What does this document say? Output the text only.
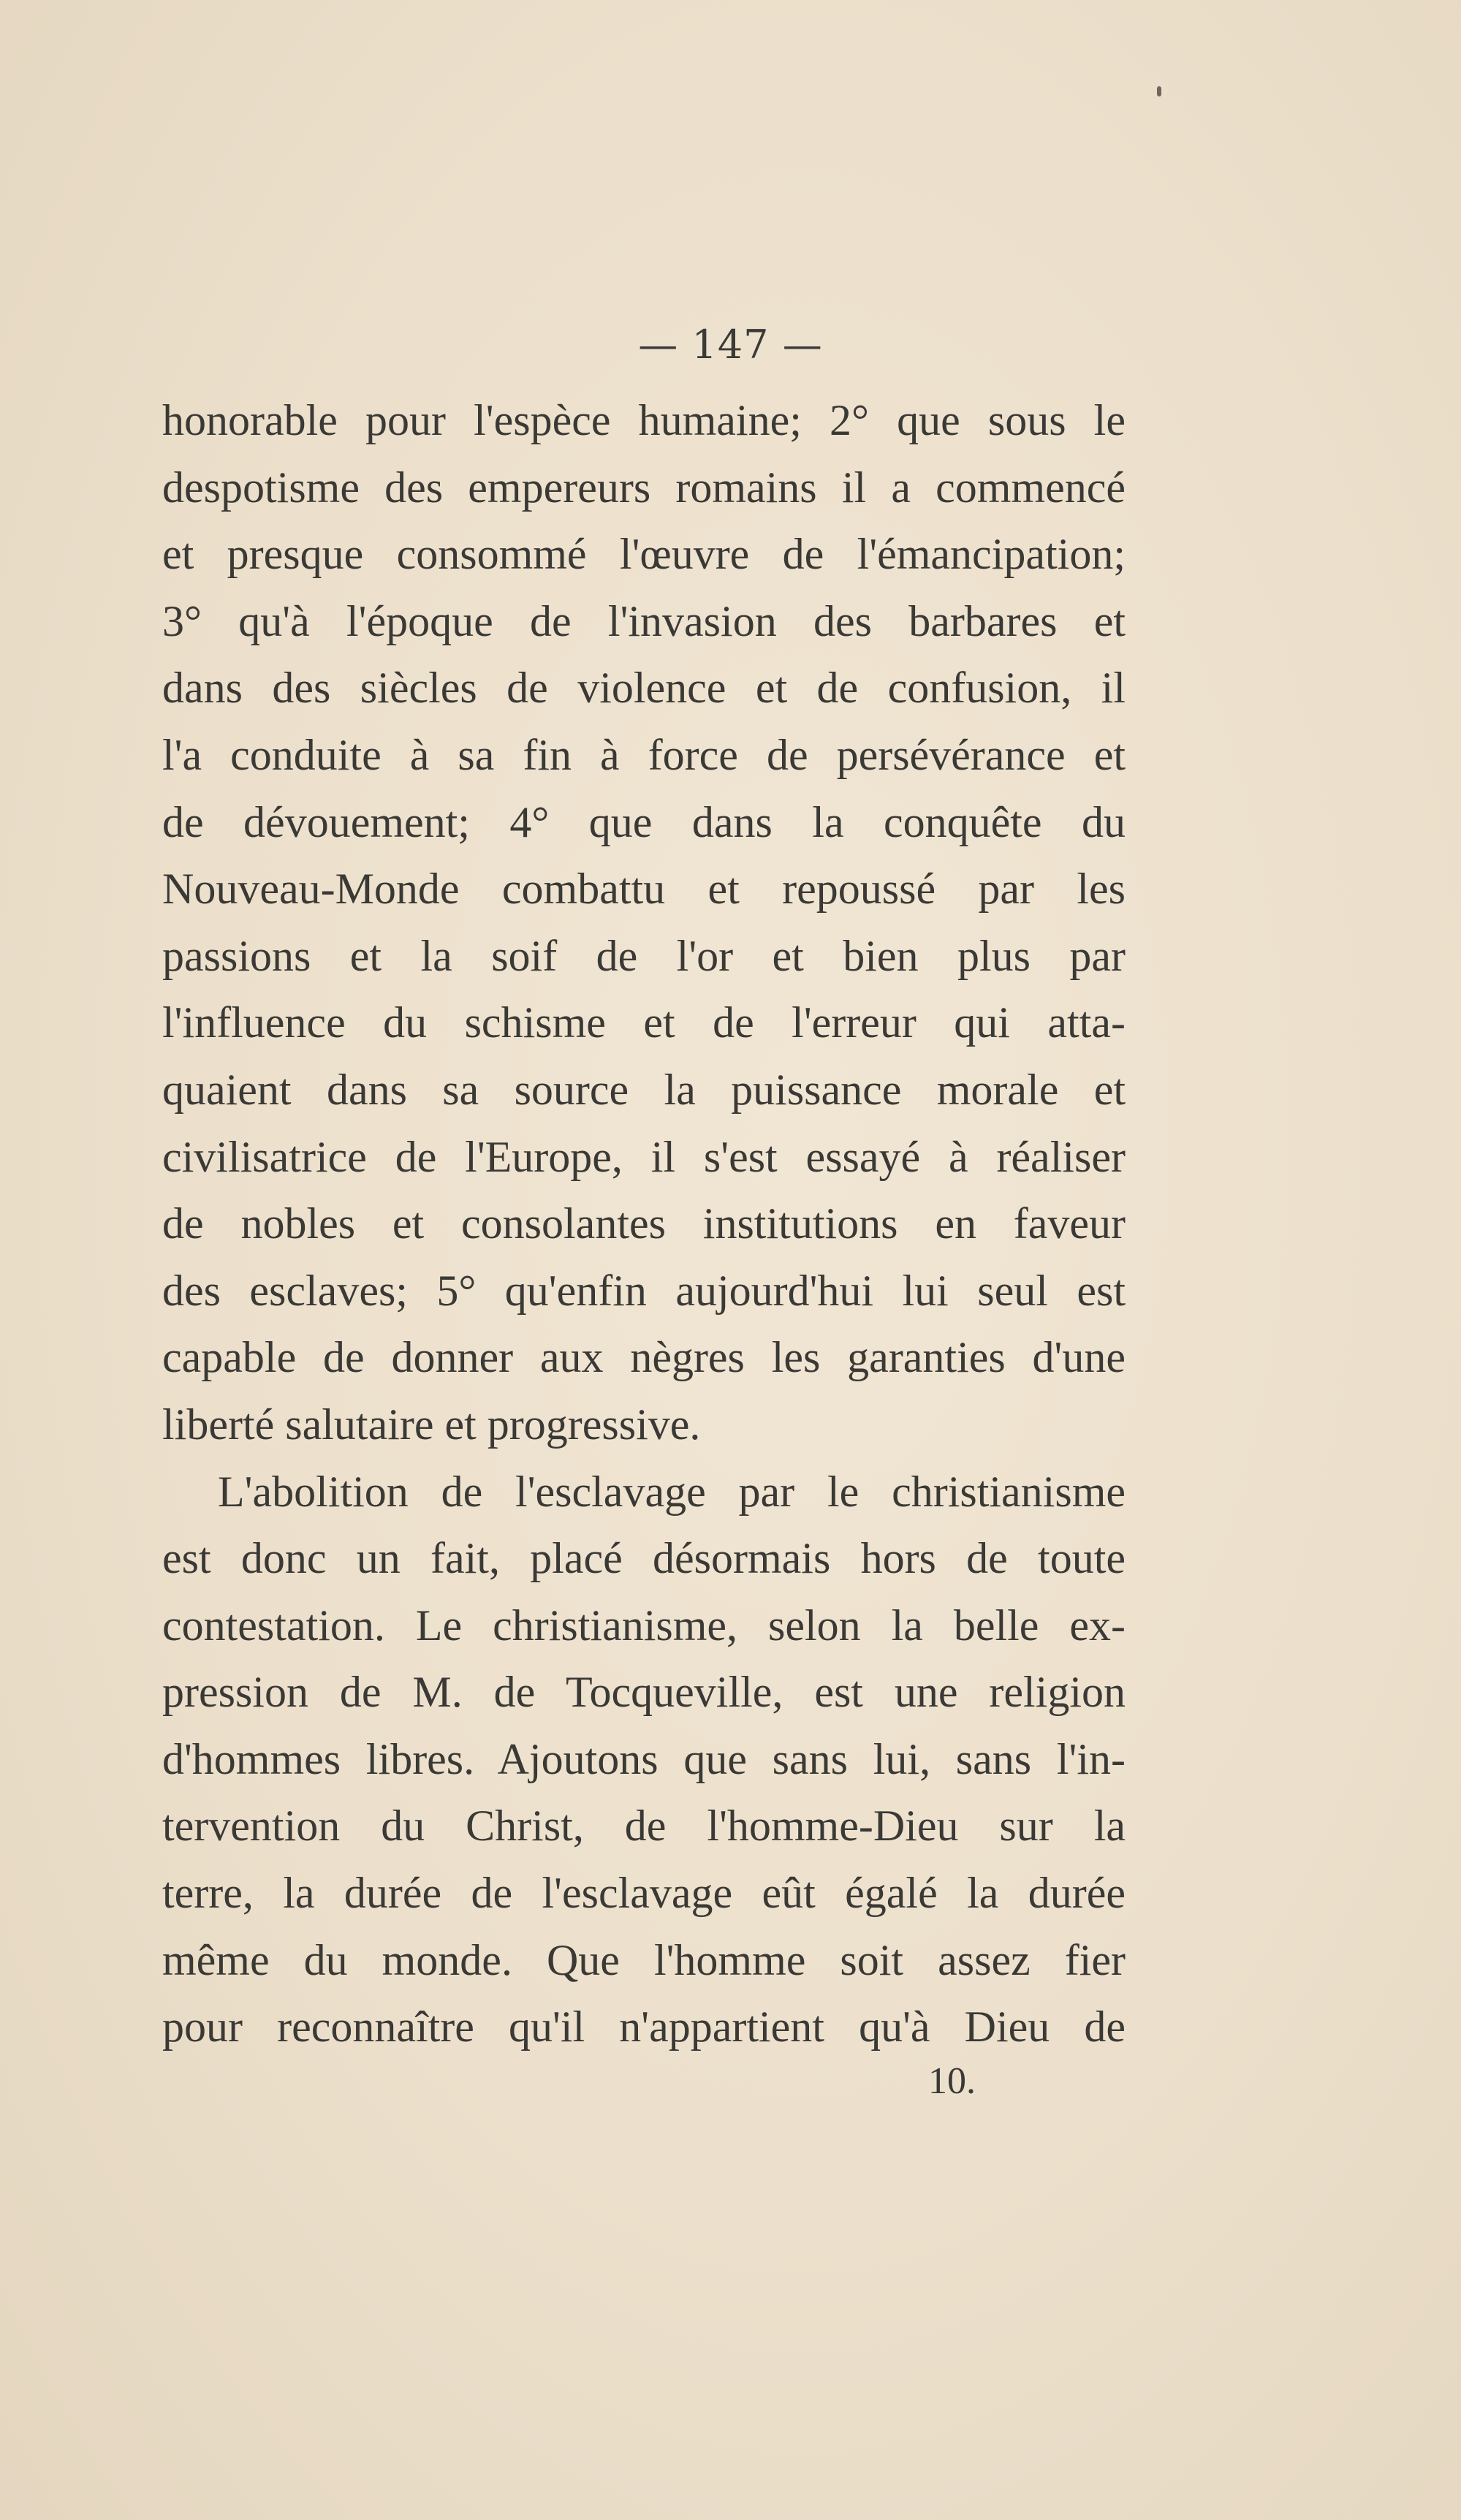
— 147 —
honorable pour l'espèce humaine; 2° que sous le
despotisme des empereurs romains il a commencé
et presque consommé l'œuvre de l'émancipation;
3° qu'à l'époque de l'invasion des barbares et
dans des siècles de violence et de confusion, il
l'a conduite à sa fin à force de persévérance et
de dévouement; 4° que dans la conquête du
Nouveau-Monde combattu et repoussé par les
passions et la soif de l'or et bien plus par
l'influence du schisme et de l'erreur qui atta-
quaient dans sa source la puissance morale et
civilisatrice de l'Europe, il s'est essayé à réaliser
de nobles et consolantes institutions en faveur
des esclaves; 5° qu'enfin aujourd'hui lui seul est
capable de donner aux nègres les garanties d'une
liberté salutaire et progressive.
L'abolition de l'esclavage par le christianisme
est donc un fait, placé désormais hors de toute
contestation. Le christianisme, selon la belle ex-
pression de M. de Tocqueville, est une religion
d'hommes libres. Ajoutons que sans lui, sans l'in-
tervention du Christ, de l'homme-Dieu sur la
terre, la durée de l'esclavage eût égalé la durée
même du monde. Que l'homme soit assez fier
pour reconnaître qu'il n'appartient qu'à Dieu de
10.
